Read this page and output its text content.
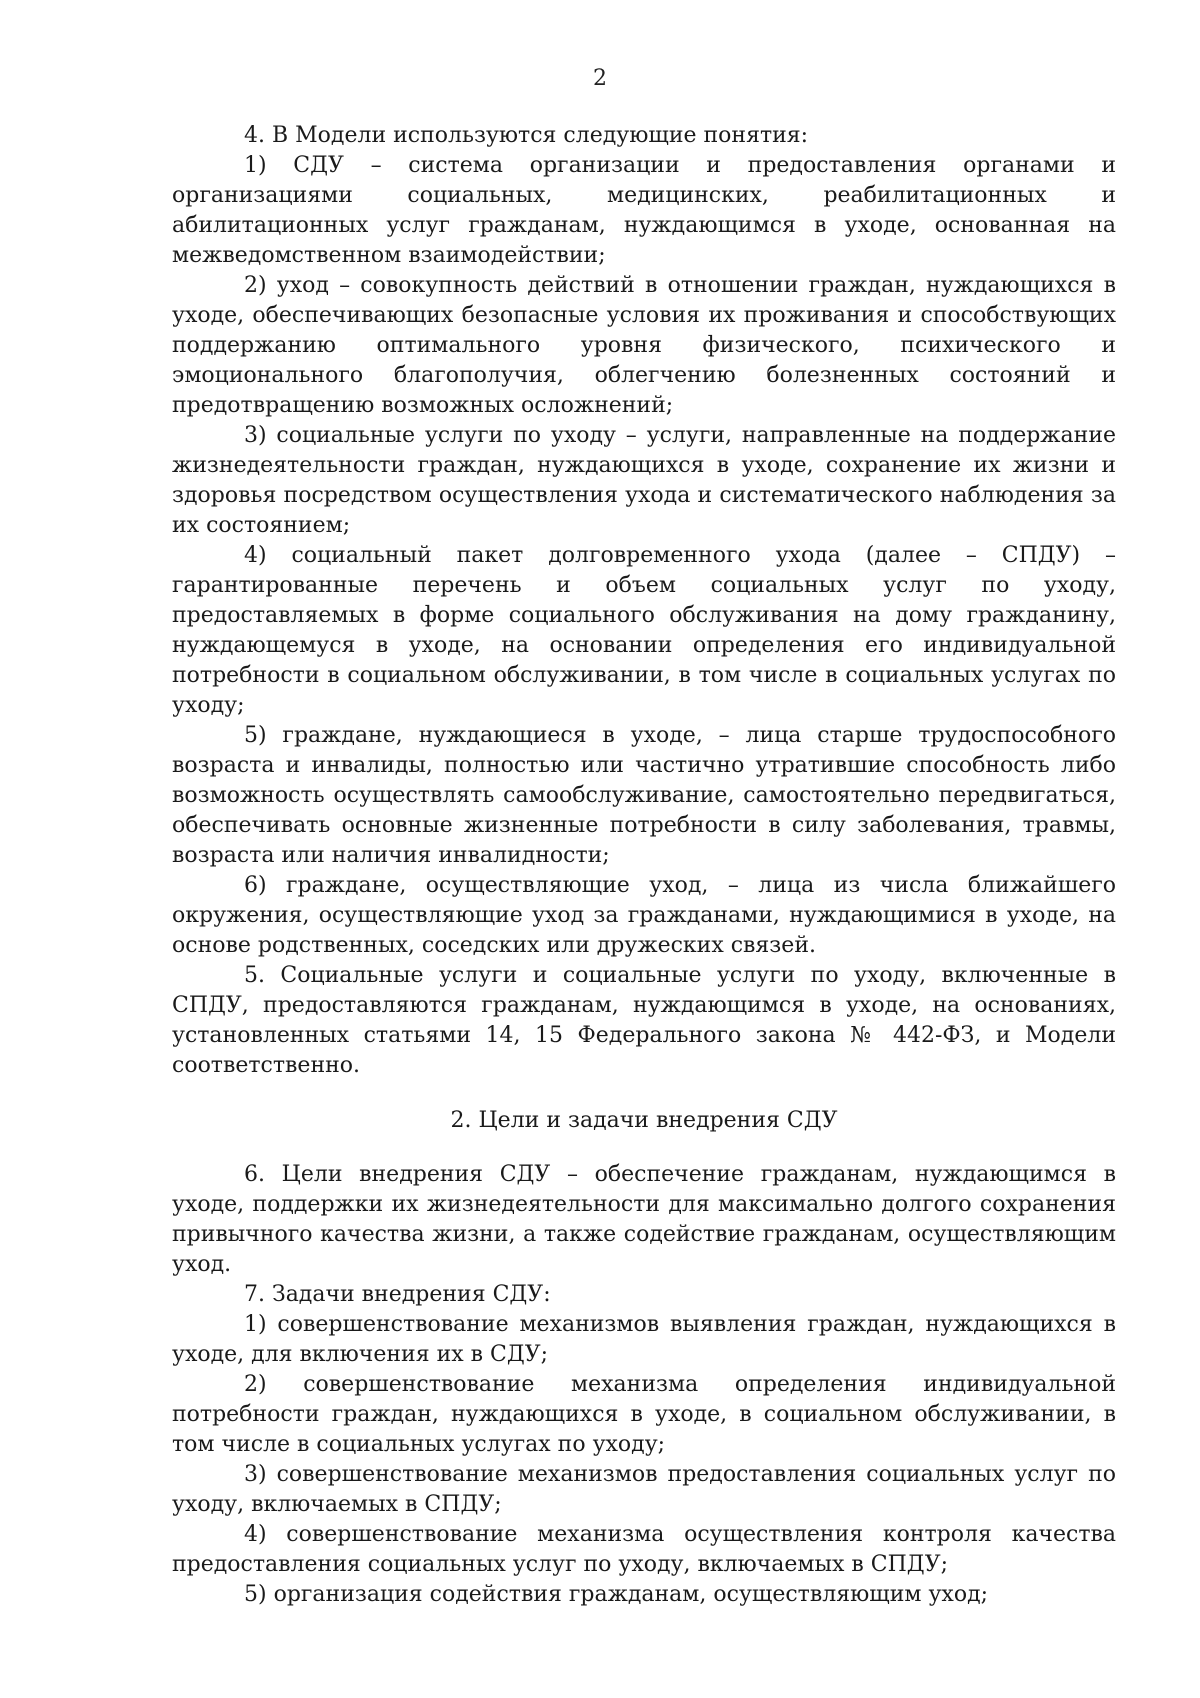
2

4. В Модели используются следующие понятия:

1) СДУ – система организации и предоставления органами и организациями социальных, медицинских, реабилитационных и абилитационных услуг гражданам, нуждающимся в уходе, основанная на межведомственном взаимодействии;

2) уход – совокупность действий в отношении граждан, нуждающихся в уходе, обеспечивающих безопасные условия их проживания и способствующих поддержанию оптимального уровня физического, психического и эмоционального благополучия, облегчению болезненных состояний и предотвращению возможных осложнений;

3) социальные услуги по уходу – услуги, направленные на поддержание жизнедеятельности граждан, нуждающихся в уходе, сохранение их жизни и здоровья посредством осуществления ухода и систематического наблюдения за их состоянием;

4) социальный пакет долговременного ухода (далее – СПДУ) – гарантированные перечень и объем социальных услуг по уходу, предоставляемых в форме социального обслуживания на дому гражданину, нуждающемуся в уходе, на основании определения его индивидуальной потребности в социальном обслуживании, в том числе в социальных услугах по уходу;

5) граждане, нуждающиеся в уходе, – лица старше трудоспособного возраста и инвалиды, полностью или частично утратившие способность либо возможность осуществлять самообслуживание, самостоятельно передвигаться, обеспечивать основные жизненные потребности в силу заболевания, травмы, возраста или наличия инвалидности;

6) граждане, осуществляющие уход, – лица из числа ближайшего окружения, осуществляющие уход за гражданами, нуждающимися в уходе, на основе родственных, соседских или дружеских связей.

5. Социальные услуги и социальные услуги по уходу, включенные в СПДУ, предоставляются гражданам, нуждающимся в уходе, на основаниях, установленных статьями 14, 15 Федерального закона № 442-ФЗ, и Модели соответственно.

2. Цели и задачи внедрения СДУ

6. Цели внедрения СДУ – обеспечение гражданам, нуждающимся в уходе, поддержки их жизнедеятельности для максимально долгого сохранения привычного качества жизни, а также содействие гражданам, осуществляющим уход.

7. Задачи внедрения СДУ:

1) совершенствование механизмов выявления граждан, нуждающихся в уходе, для включения их в СДУ;

2) совершенствование механизма определения индивидуальной потребности граждан, нуждающихся в уходе, в социальном обслуживании, в том числе в социальных услугах по уходу;

3) совершенствование механизмов предоставления социальных услуг по уходу, включаемых в СПДУ;

4) совершенствование механизма осуществления контроля качества предоставления социальных услуг по уходу, включаемых в СПДУ;

5) организация содействия гражданам, осуществляющим уход;
